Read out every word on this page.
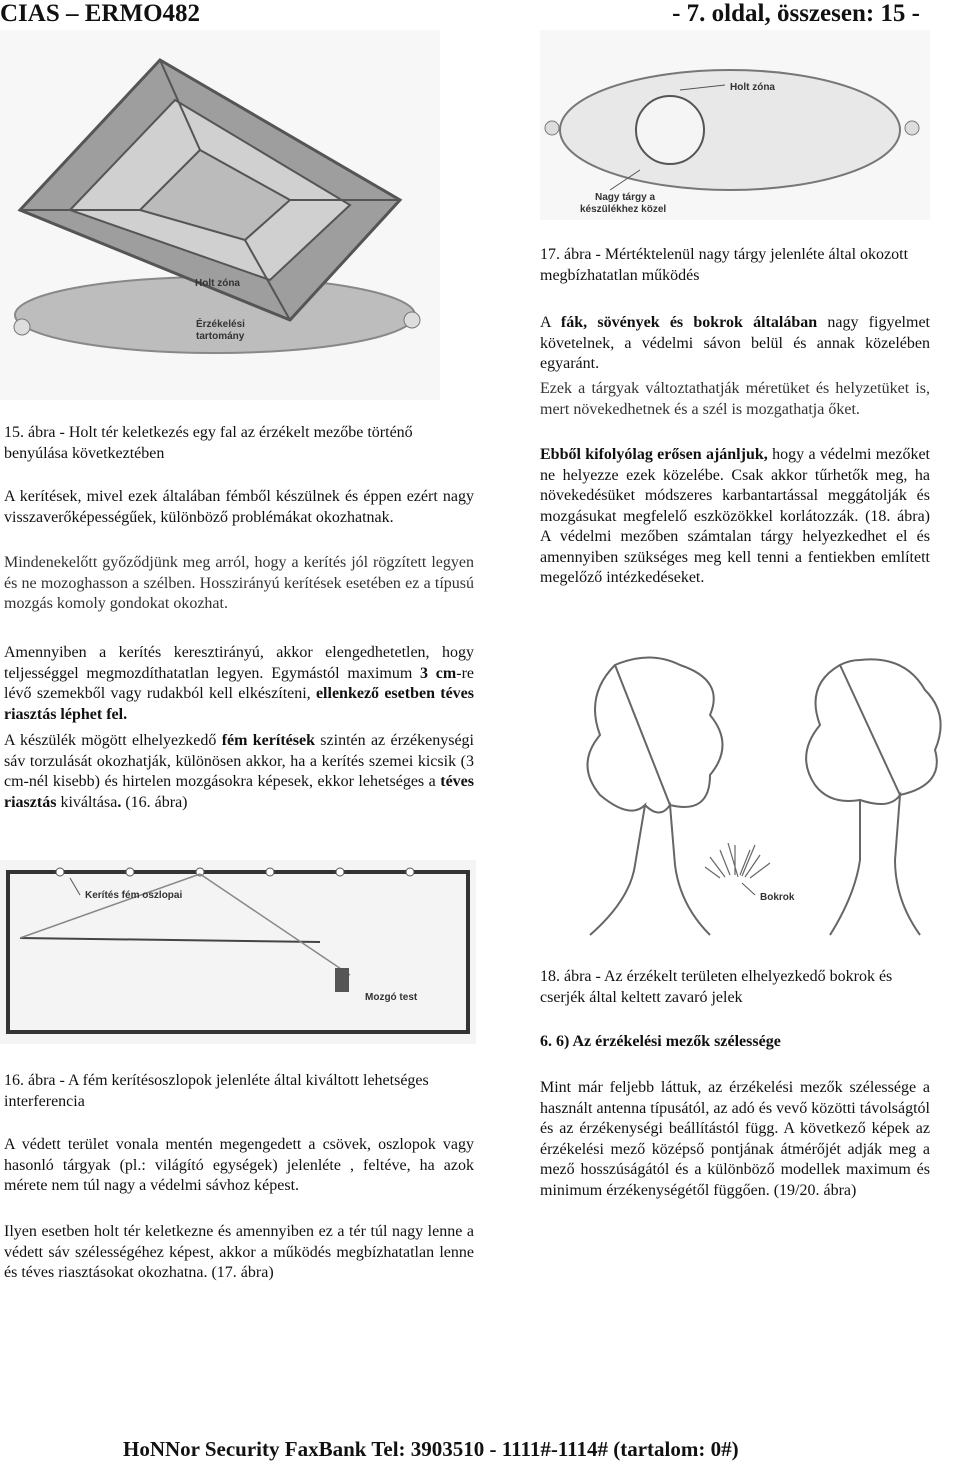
CIAS – ERMO482	- 7. oldal, összesen: 15 -
Holt zóna
Érzékelési
tartomány
15. ábra - Holt tér keletkezés egy fal az érzékelt mezőbe történő benyúlása következtében
Holt zóna
Nagy tárgy a
készülékhez közel
17. ábra - Mértéktelenül nagy tárgy jelenléte által okozott megbízhatatlan működés
A kerítések, mivel ezek általában fémből készülnek és éppen ezért nagy visszaverőképességűek, különböző problémákat okozhatnak.
Mindenekelőtt győződjünk meg arról, hogy a kerítés jól rögzített legyen és ne mozoghasson a szélben. Hosszirányú kerítések esetében ez a típusú mozgás komoly gondokat okozhat.
Amennyiben a kerítés keresztirányú, akkor elengedhetetlen, hogy teljességgel megmozdíthatatlan legyen. Egymástól maximum 3 cm-re lévő szemekből vagy rudakból kell elkészíteni, ellenkező esetben téves riasztás léphet fel.
A készülék mögött elhelyezkedő fém kerítések szintén az érzékenységi sáv torzulását okozhatják, különösen akkor, ha a kerítés szemei kicsik (3 cm-nél kisebb) és hirtelen mozgásokra képesek, ekkor lehetséges a téves riasztás kiváltása. (16. ábra)
Kerítés fém oszlopai
Mozgó test
16. ábra - A fém kerítésoszlopok jelenléte által kiváltott lehetséges interferencia
A védett terület vonala mentén megengedett a csövek, oszlopok vagy hasonló tárgyak (pl.: világító egységek) jelenléte , feltéve, ha azok mérete nem túl nagy a védelmi sávhoz képest.
Ilyen esetben holt tér keletkezne és amennyiben ez a tér túl nagy lenne a védett sáv szélességéhez képest, akkor a működés megbízhatatlan lenne és téves riasztásokat okozhatna. (17. ábra)
A fák, sövények és bokrok általában nagy figyelmet követelnek, a védelmi sávon belül és annak közelében egyaránt.
Ezek a tárgyak változtathatják méretüket és helyzetüket is, mert növekedhetnek és a szél is mozgathatja őket.
Ebből kifolyólag erősen ajánljuk, hogy a védelmi mezőket ne helyezze ezek közelébe. Csak akkor tűrhetők meg, ha növekedésüket módszeres karbantartással meggátolják és mozgásukat megfelelő eszközökkel korlátozzák. (18. ábra) A védelmi mezőben számtalan tárgy helyezkedhet el és amennyiben szükséges meg kell tenni a fentiekben említett megelőző intézkedéseket.
Bokrok
18. ábra - Az érzékelt területen elhelyezkedő bokrok és cserjék által keltett zavaró jelek
6. 6) Az érzékelési mezők szélessége
Mint már feljebb láttuk, az érzékelési mezők szélessége a használt antenna típusától, az adó és vevő közötti távolságtól és az érzékenységi beállítástól függ. A következő képek az érzékelési mező középső pontjának átmérőjét adják meg a mező hosszúságától és a különböző modellek maximum és minimum érzékenységétől függően. (19/20. ábra)
HoNNor Security FaxBank Tel: 3903510 - 1111#-1114# (tartalom: 0#)
